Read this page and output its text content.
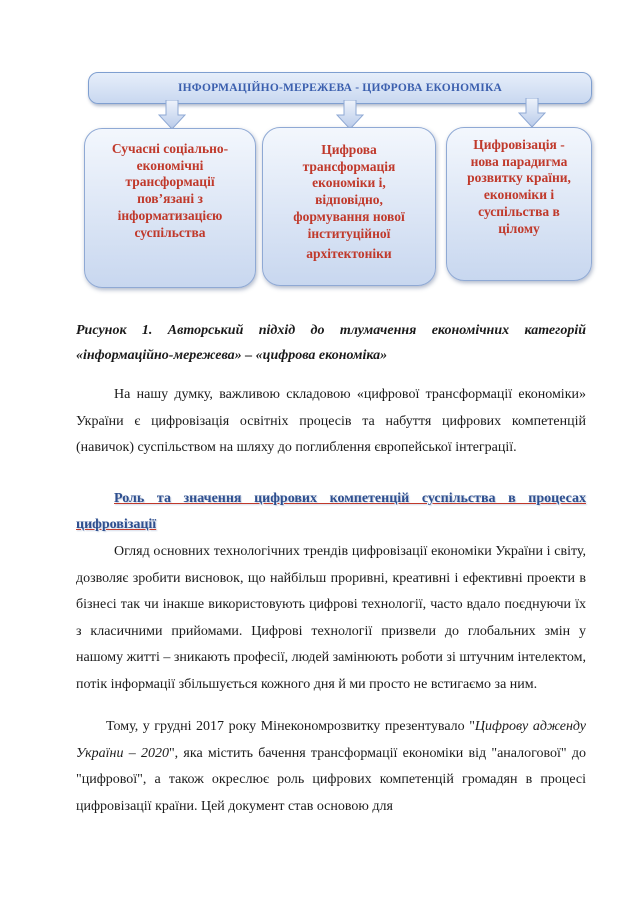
ІНФОРМАЦІЙНО-МЕРЕЖЕВА - ЦИФРОВА ЕКОНОМІКА
Сучасні соціально-
економічні
трансформації
пов’язані з
інформатизацією
суспільства
Цифрова
трансформація
економіки і,
відповідно,
формування нової
інституційної

архітектоніки
Цифровізація -
нова парадигма
розвитку країни,
економіки і
суспільства в
цілому
Рисунок 1. Авторський підхід до тлумачення економічних категорій «інформаційно-мережева» – «цифрова економіка»
На нашу думку, важливою складовою «цифрової трансформації економіки» України є цифровізація освітніх процесів та набуття цифрових компетенцій (навичок) суспільством на шляху до поглиблення європейської інтеграції.
Роль та значення цифрових компетенцій суспільства в процесах цифровізації
Огляд основних технологічних трендів цифровізації економіки України і світу, дозволяє зробити висновок, що найбільш проривні, креативні і ефективні проекти в бізнесі так чи інакше використовують цифрові технології, часто вдало поєднуючи їх з класичними прийомами. Цифрові технології призвели до глобальних змін у нашому житті – зникають професії, людей замінюють роботи зі штучним інтелектом, потік інформації збільшується кожного дня й ми просто не встигаємо за ним.
Тому, у грудні 2017 року Мінекономрозвитку презентувало "Цифрову адженду України – 2020", яка містить бачення трансформації економіки від "аналогової" до "цифрової", а також окреслює роль цифрових компетенцій громадян в процесі цифровізації країни. Цей документ став основою для
